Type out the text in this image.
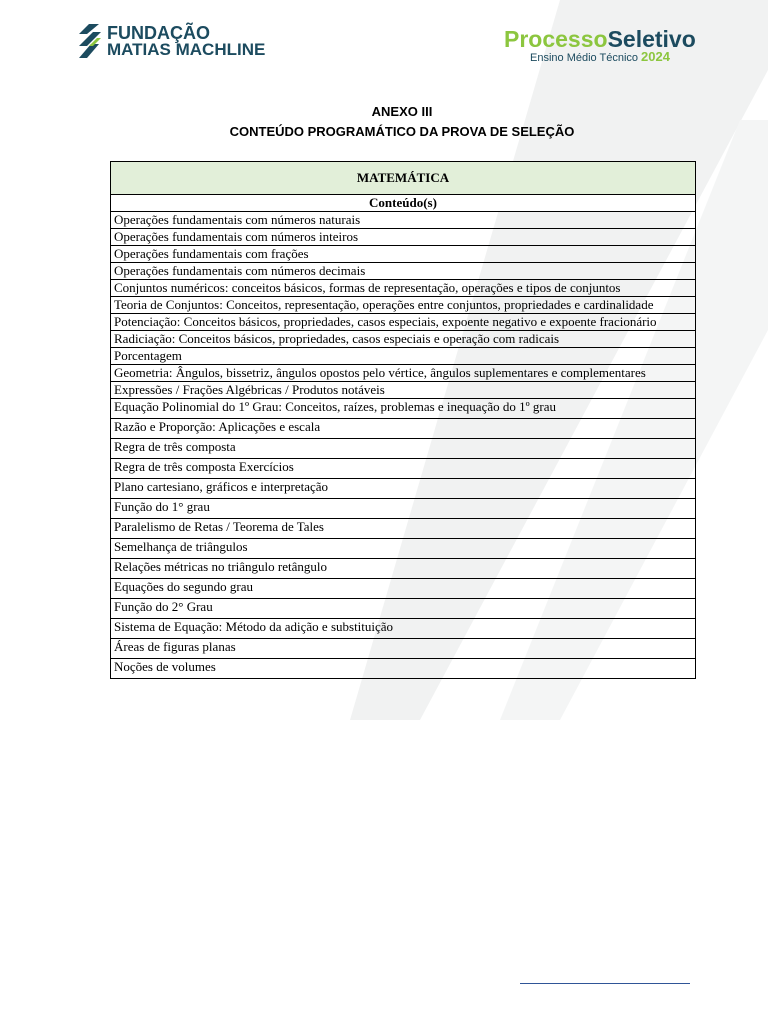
FUNDAÇÃO
MATIAS MACHLINE	ProcessoSeletivo
Ensino Médio Técnico 2024
ANEXO III
CONTEÚDO PROGRAMÁTICO DA PROVA DE SELEÇÃO
MATEMÁTICA
Conteúdo(s)
Operações fundamentais com números naturais
Operações fundamentais com números inteiros
Operações fundamentais com frações
Operações fundamentais com números decimais
Conjuntos numéricos: conceitos básicos, formas de representação, operações e tipos de conjuntos
Teoria de Conjuntos: Conceitos, representação, operações entre conjuntos, propriedades e cardinalidade
Potenciação: Conceitos básicos, propriedades, casos especiais, expoente negativo e expoente fracionário
Radiciação: Conceitos básicos, propriedades, casos especiais e operação com radicais
Porcentagem
Geometria: Ângulos, bissetriz, ângulos opostos pelo vértice, ângulos suplementares e complementares
Expressões / Frações Algébricas / Produtos notáveis
Equação Polinomial do 1º Grau: Conceitos, raízes, problemas e inequação do 1º grau
Razão e Proporção: Aplicações e escala
Regra de três composta
Regra de três composta Exercícios
Plano cartesiano, gráficos e interpretação
Função do 1° grau
Paralelismo de Retas / Teorema de Tales
Semelhança de triângulos
Relações métricas no triângulo retângulo
Equações do segundo grau
Função do 2° Grau
Sistema de Equação: Método da adição e substituição
Áreas de figuras planas
Noções de volumes
